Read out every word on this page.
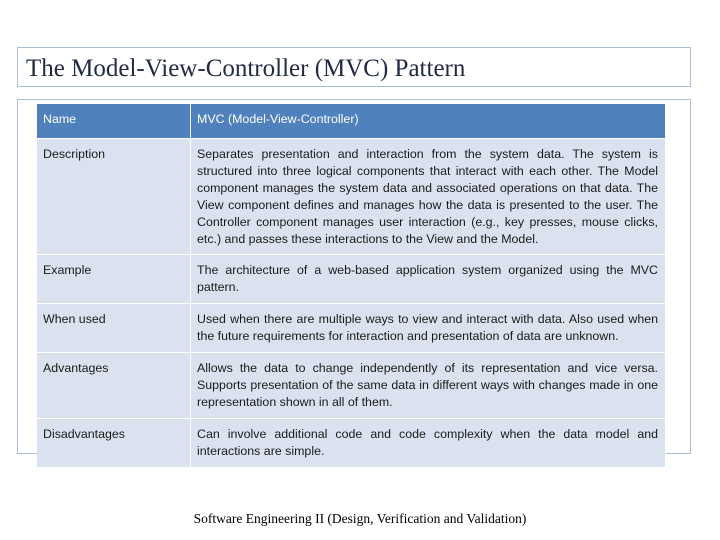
The Model-View-Controller (MVC) Pattern
Name	MVC (Model-View-Controller)
Description	Separates presentation and interaction from the system data. The system is structured into three logical components that interact with each other. The Model component manages the system data and associated operations on that data. The View component defines and manages how the data is presented to the user. The Controller component manages user interaction (e.g., key presses, mouse clicks, etc.) and passes these interactions to the View and the Model.
Example	The architecture of a web-based application system organized using the MVC pattern.
When used	Used when there are multiple ways to view and interact with data. Also used when the future requirements for interaction and presentation of data are unknown.
Advantages	Allows the data to change independently of its representation and vice versa. Supports presentation of the same data in different ways with changes made in one representation shown in all of them.
Disadvantages	Can involve additional code and code complexity when the data model and interactions are simple.
Software Engineering II (Design, Verification and Validation)
